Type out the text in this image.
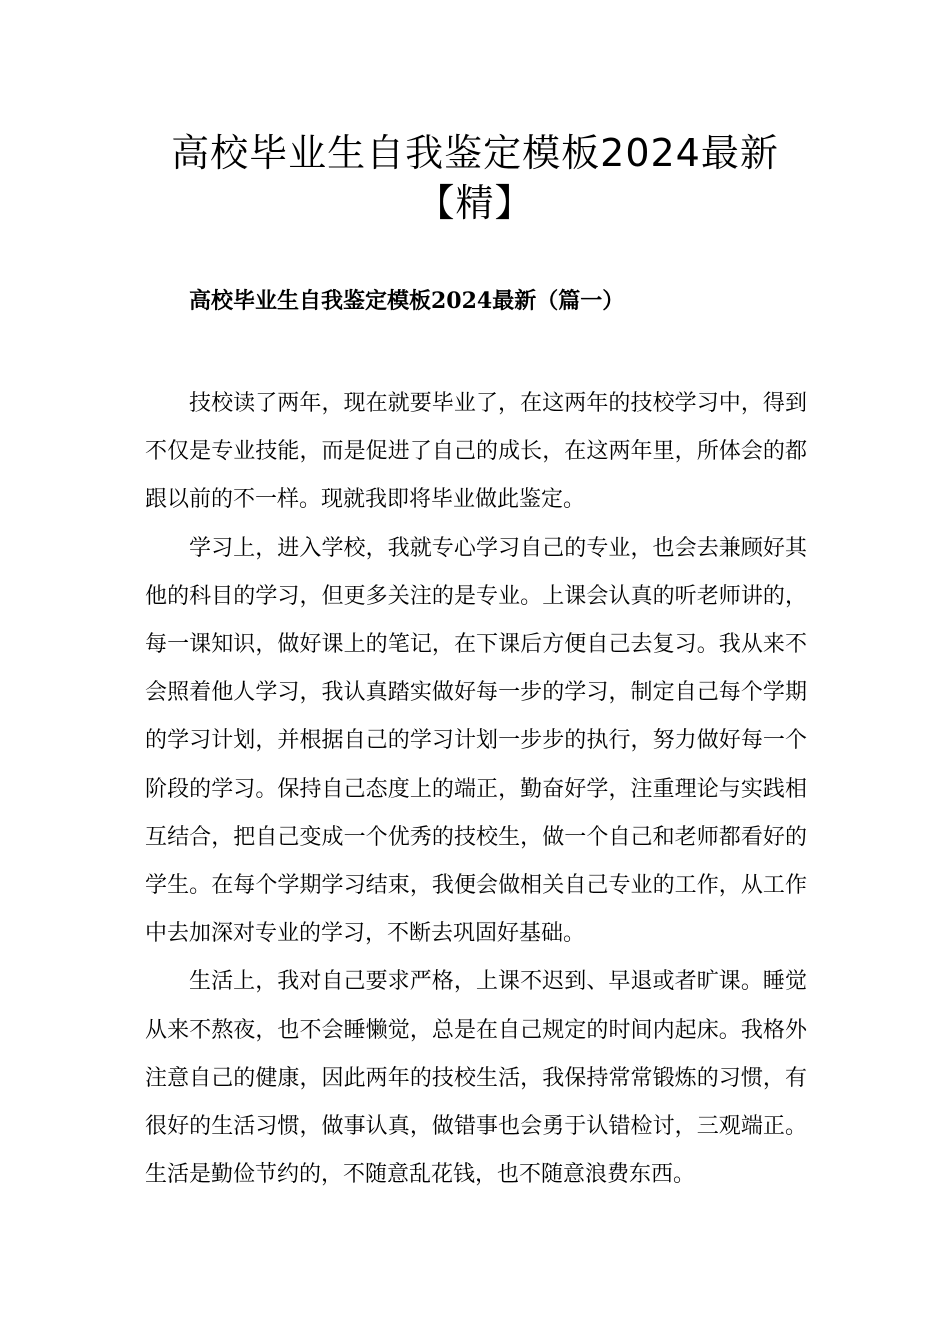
高校毕业生自我鉴定模板2024最新
【精】
高校毕业生自我鉴定模板2024最新（篇一）

技校读了两年，现在就要毕业了，在这两年的技校学习中，得到不仅是专业技能，而是促进了自己的成长，在这两年里，所体会的都跟以前的不一样。现就我即将毕业做此鉴定。

学习上，进入学校，我就专心学习自己的专业，也会去兼顾好其他的科目的学习，但更多关注的是专业。上课会认真的听老师讲的，每一课知识，做好课上的笔记，在下课后方便自己去复习。我从来不会照着他人学习，我认真踏实做好每一步的学习，制定自己每个学期的学习计划，并根据自己的学习计划一步步的执行，努力做好每一个阶段的学习。保持自己态度上的端正，勤奋好学，注重理论与实践相互结合，把自己变成一个优秀的技校生，做一个自己和老师都看好的学生。在每个学期学习结束，我便会做相关自己专业的工作，从工作中去加深对专业的学习，不断去巩固好基础。

生活上，我对自己要求严格，上课不迟到、早退或者旷课。睡觉从来不熬夜，也不会睡懒觉，总是在自己规定的时间内起床。我格外注意自己的健康，因此两年的技校生活，我保持常常锻炼的习惯，有很好的生活习惯，做事认真，做错事也会勇于认错检讨，三观端正。生活是勤俭节约的，不随意乱花钱，也不随意浪费东西。
